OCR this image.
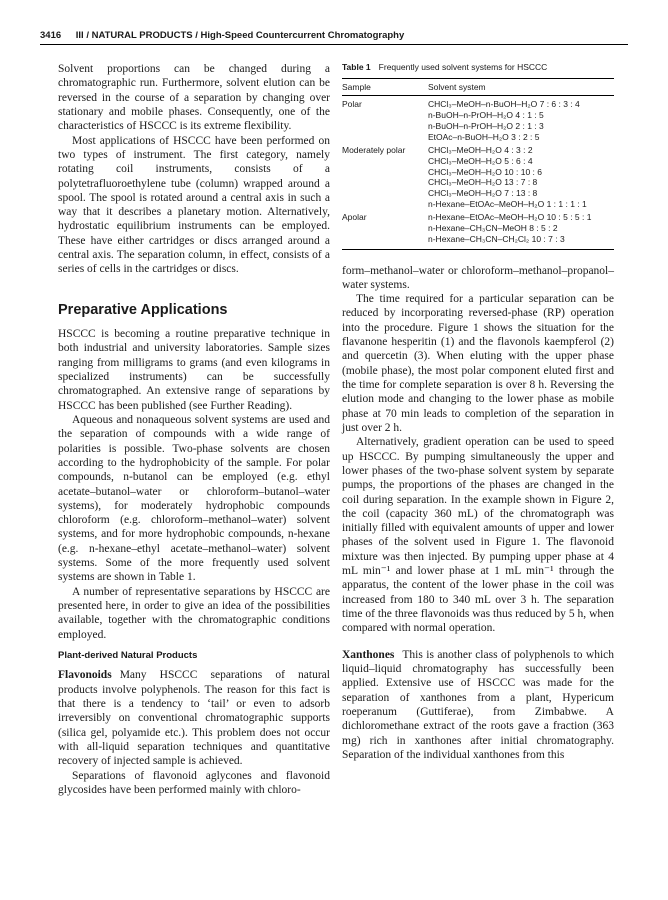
3416 III / NATURAL PRODUCTS / High-Speed Countercurrent Chromatography

Solvent proportions can be changed during a chromatographic run. Furthermore, solvent elution can be reversed in the course of a separation by changing over stationary and mobile phases. Consequently, one of the characteristics of HSCCC is its extreme flexibility.

Most applications of HSCCC have been performed on two types of instrument. The first category, namely rotating coil instruments, consists of a polytetrafluoroethylene tube (column) wrapped around a spool. The spool is rotated around a central axis in such a way that it describes a planetary motion. Alternatively, hydrostatic equilibrium instruments can be employed. These have either cartridges or discs arranged around a central axis. The separation column, in effect, consists of a series of cells in the cartridges or discs.

Preparative Applications

HSCCC is becoming a routine preparative technique in both industrial and university laboratories. Sample sizes ranging from milligrams to grams (and even kilograms in specialized instruments) can be successfully chromatographed. An extensive range of separations by HSCCC has been published (see Further Reading).

Aqueous and nonaqueous solvent systems are used and the separation of compounds with a wide range of polarities is possible. Two-phase solvents are chosen according to the hydrophobicity of the sample. For polar compounds, n-butanol can be employed (e.g. ethyl acetate–butanol–water or chloroform–butanol–water systems), for moderately hydrophobic compounds chloroform (e.g. chloroform–methanol–water) solvent systems, and for more hydrophobic compounds, n-hexane (e.g. n-hexane–ethyl acetate–methanol–water) solvent systems. Some of the more frequently used solvent systems are shown in Table 1.

A number of representative separations by HSCCC are presented here, in order to give an idea of the possibilities available, together with the chromatographic conditions employed.

Plant-derived Natural Products

Flavonoids Many HSCCC separations of natural products involve polyphenols. The reason for this fact is that there is a tendency to ‘tail’ or even to adsorb irreversibly on conventional chromatographic supports (silica gel, polyamide etc.). This problem does not occur with all-liquid separation techniques and quantitative recovery of injected sample is achieved.

Separations of flavonoid aglycones and flavonoid glycosides have been performed mainly with chloro-

Table 1 Frequently used solvent systems for HSCCC
Sample	Solvent system
Polar	CHCl₃–MeOH–n-BuOH–H₂O 7 : 6 : 3 : 4
n-BuOH–n-PrOH–H₂O 4 : 1 : 5
n-BuOH–n-PrOH–H₂O 2 : 1 : 3
EtOAc–n-BuOH–H₂O 3 : 2 : 5
Moderately polar	CHCl₃–MeOH–H₂O 4 : 3 : 2
CHCl₃–MeOH–H₂O 5 : 6 : 4
CHCl₃–MeOH–H₂O 10 : 10 : 6
CHCl₃–MeOH–H₂O 13 : 7 : 8
CHCl₃–MeOH–H₂O 7 : 13 : 8
n-Hexane–EtOAc–MeOH–H₂O 1 : 1 : 1 : 1
Apolar	n-Hexane–EtOAc–MeOH–H₂O 10 : 5 : 5 : 1
n-Hexane–CH₃CN–MeOH 8 : 5 : 2
n-Hexane–CH₃CN–CH₂Cl₂ 10 : 7 : 3

form–methanol–water or chloroform–methanol–propanol–water systems.

The time required for a particular separation can be reduced by incorporating reversed-phase (RP) operation into the procedure. Figure 1 shows the situation for the flavanone hesperitin (1) and the flavonols kaempferol (2) and quercetin (3). When eluting with the upper phase (mobile phase), the most polar component eluted first and the time for complete separation is over 8 h. Reversing the elution mode and changing to the lower phase as mobile phase at 70 min leads to completion of the separation in just over 2 h.

Alternatively, gradient operation can be used to speed up HSCCC. By pumping simultaneously the upper and lower phases of the two-phase solvent system by separate pumps, the proportions of the phases are changed in the coil during separation. In the example shown in Figure 2, the coil (capacity 360 mL) of the chromatograph was initially filled with equivalent amounts of upper and lower phases of the solvent used in Figure 1. The flavonoid mixture was then injected. By pumping upper phase at 4 mL min⁻¹ and lower phase at 1 mL min⁻¹ through the apparatus, the content of the lower phase in the coil was increased from 180 to 340 mL over 3 h. The separation time of the three flavonoids was thus reduced by 5 h, when compared with normal operation.

Xanthones This is another class of polyphenols to which liquid–liquid chromatography has successfully been applied. Extensive use of HSCCC was made for the separation of xanthones from a plant, Hypericum roeperanum (Guttiferae), from Zimbabwe. A dichloromethane extract of the roots gave a fraction (363 mg) rich in xanthones after initial chromatography. Separation of the individual xanthones from this
